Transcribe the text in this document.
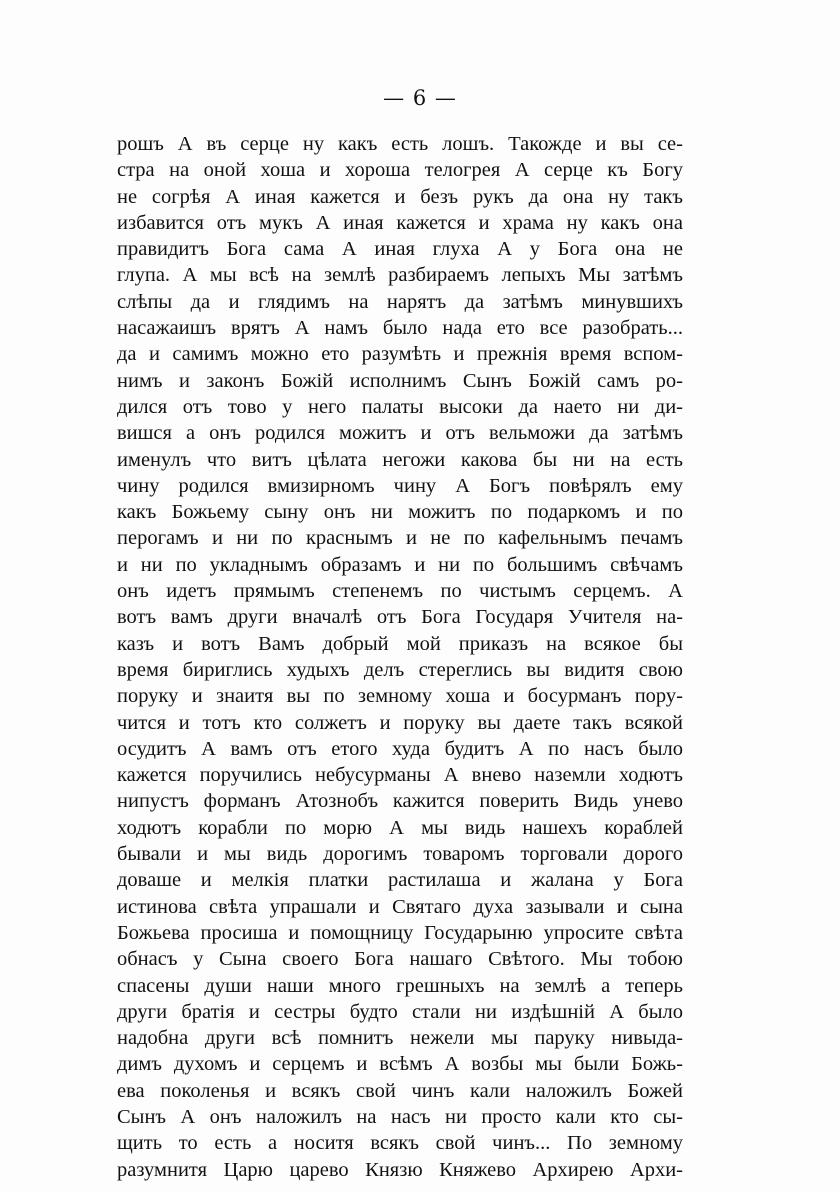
— 6 —
рошъ А въ серце ну какъ есть лошъ. Такожде и вы се-
стра на оной хоша и хороша телогрея А серце къ Богу
не согрѣя А иная кажется и безъ рукъ да она ну такъ
избавится отъ мукъ А иная кажется и храма ну какъ она
правидитъ Бога сама А иная глуха А у Бога она не
глупа. А мы всѣ на землѣ разбираемъ лепыхъ Мы затѣмъ
слѣпы да и глядимъ на нарятъ да затѣмъ минувшихъ
насажаишъ врятъ А намъ было нада ето все разобрать...
да и самимъ можно ето разумѣть и прежнія время вспом-
нимъ и законъ Божій исполнимъ Сынъ Божій самъ ро-
дился отъ тово у него палаты высоки да наето ни ди-
вишся а онъ родился можитъ и отъ вельможи да затѣмъ
именулъ что витъ цѣлата негожи какова бы ни на есть
чину родился вмизирномъ чину А Богъ повѣрялъ ему
какъ Божьему сыну онъ ни можитъ по подаркомъ и по
перогамъ и ни по краснымъ и не по кафельнымъ печамъ
и ни по укладнымъ образамъ и ни по большимъ свѣчамъ
онъ идетъ прямымъ степенемъ по чистымъ серцемъ. А
вотъ вамъ други вначалѣ отъ Бога Государя Учителя на-
казъ и вотъ Вамъ добрый мой приказъ на всякое бы
время бириглись худыхъ делъ стереглись вы видитя свою
поруку и знаитя вы по земному хоша и босурманъ пору-
чится и тотъ кто солжетъ и поруку вы даете такъ всякой
осудитъ А вамъ отъ етого худа будитъ А по насъ было
кажется поручились небусурманы А внево наземли ходютъ
нипустъ форманъ Атознобъ кажится поверить Видь унево
ходютъ корабли по морю А мы видь нашехъ кораблей
бывали и мы видь дорогимъ товаромъ торговали дорого
доваше и мелкія платки растилаша и жалана у Бога
истинова свѣта упрашали и Святаго духа зазывали и сына
Божьева просиша и помощницу Государыню упросите свѣта
обнасъ у Сына своего Бога нашаго Свѣтого. Мы тобою
спасены души наши много грешныхъ на землѣ а теперь
други братія и сестры будто стали ни издѣшній А было
надобна други всѣ помнитъ нежели мы паруку нивыда-
димъ духомъ и серцемъ и всѣмъ А возбы мы были Божь-
ева поколенья и всякъ свой чинъ кали наложилъ Божей
Сынъ А онъ наложилъ на насъ ни просто кали кто сы-
щить то есть а носитя всякъ свой чинъ... По земному
разумнитя Царю царево Князю Княжево Архирею Архи-
